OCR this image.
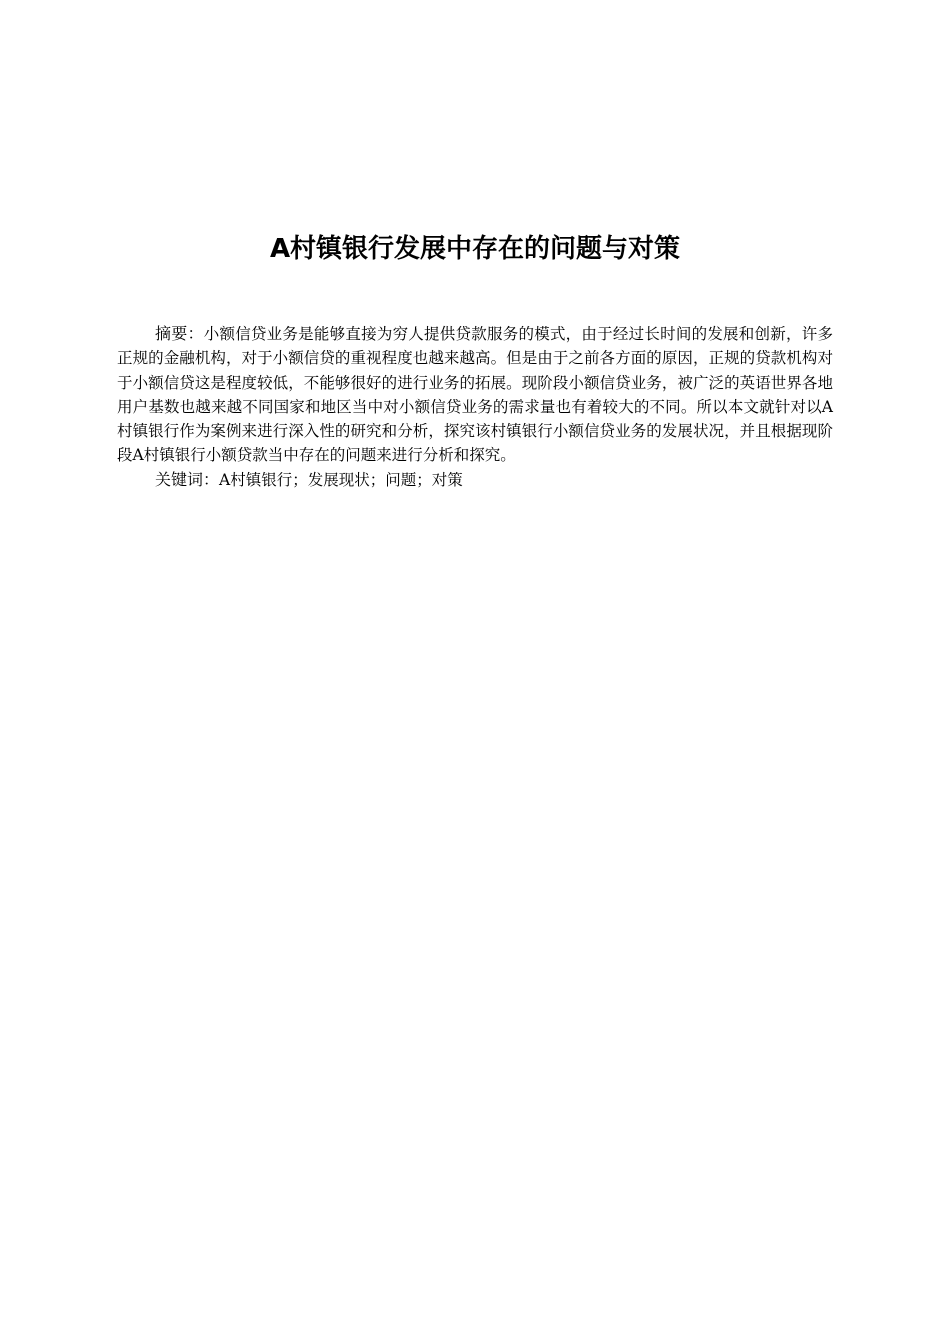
A村镇银行发展中存在的问题与对策

摘要：小额信贷业务是能够直接为穷人提供贷款服务的模式，由于经过长时间的发展和创新，许多正规的金融机构，对于小额信贷的重视程度也越来越高。但是由于之前各方面的原因，正规的贷款机构对于小额信贷这是程度较低，不能够很好的进行业务的拓展。现阶段小额信贷业务，被广泛的英语世界各地用户基数也越来越不同国家和地区当中对小额信贷业务的需求量也有着较大的不同。所以本文就针对以A村镇银行作为案例来进行深入性的研究和分析，探究该村镇银行小额信贷业务的发展状况，并且根据现阶段A村镇银行小额贷款当中存在的问题来进行分析和探究。

关键词：A村镇银行；发展现状；问题；对策
